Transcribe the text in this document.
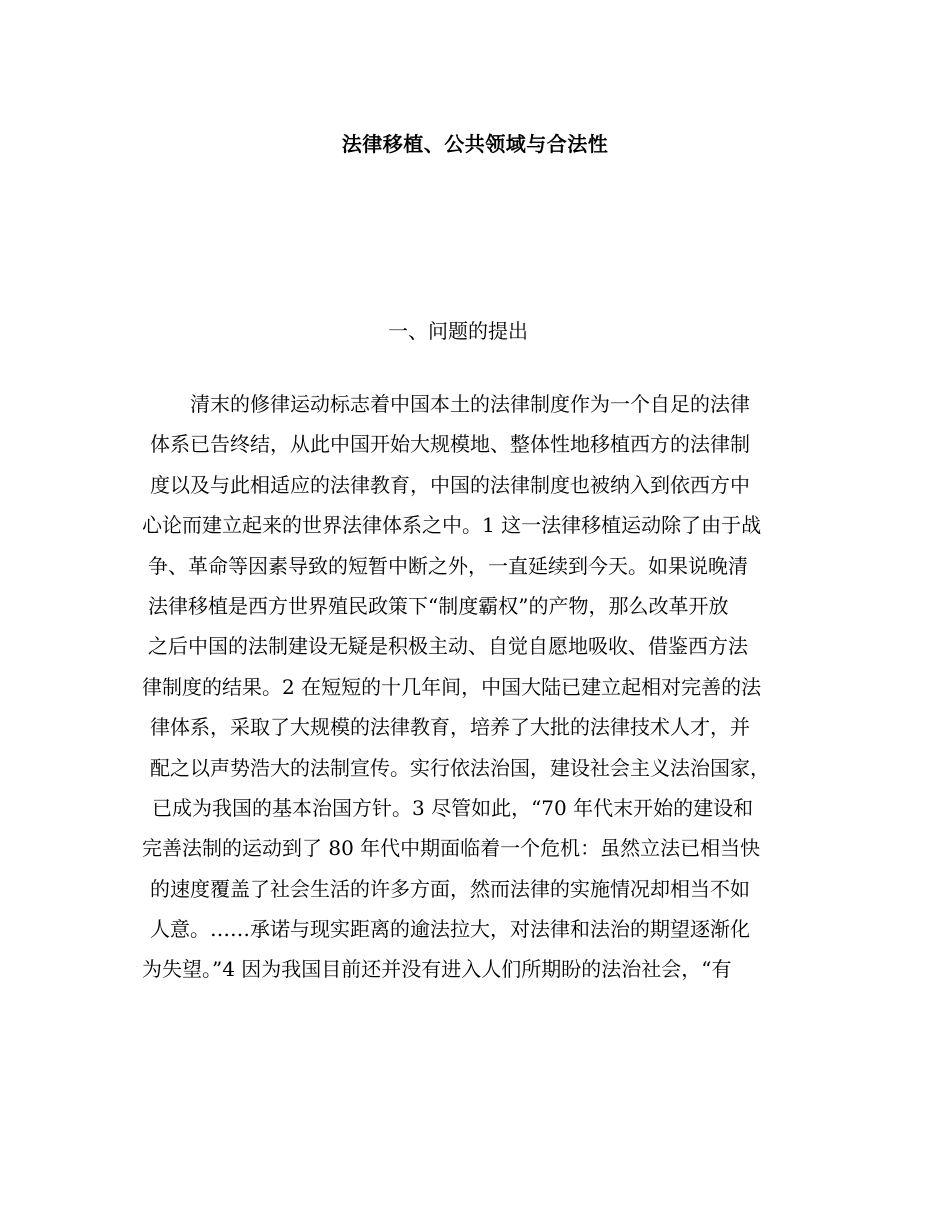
法律移植、公共领域与合法性
一、问题的提出
清末的修律运动标志着中国本土的法律制度作为一个自足的法律
体系已告终结，从此中国开始大规模地、整体性地移植西方的法律制
度以及与此相适应的法律教育，中国的法律制度也被纳入到依西方中
心论而建立起来的世界法律体系之中。1 这一法律移植运动除了由于战
争、革命等因素导致的短暂中断之外，一直延续到今天。如果说晚清
法律移植是西方世界殖民政策下“制度霸权”的产物，那么改革开放
之后中国的法制建设无疑是积极主动、自觉自愿地吸收、借鉴西方法
律制度的结果。2 在短短的十几年间，中国大陆已建立起相对完善的法
律体系，采取了大规模的法律教育，培养了大批的法律技术人才，并
配之以声势浩大的法制宣传。实行依法治国，建设社会主义法治国家，
已成为我国的基本治国方针。3 尽管如此，“70 年代末开始的建设和
完善法制的运动到了 80 年代中期面临着一个危机：虽然立法已相当快
的速度覆盖了社会生活的许多方面，然而法律的实施情况却相当不如
人意。……承诺与现实距离的逾法拉大，对法律和法治的期望逐渐化
为失望。”4 因为我国目前还并没有进入人们所期盼的法治社会，“有
